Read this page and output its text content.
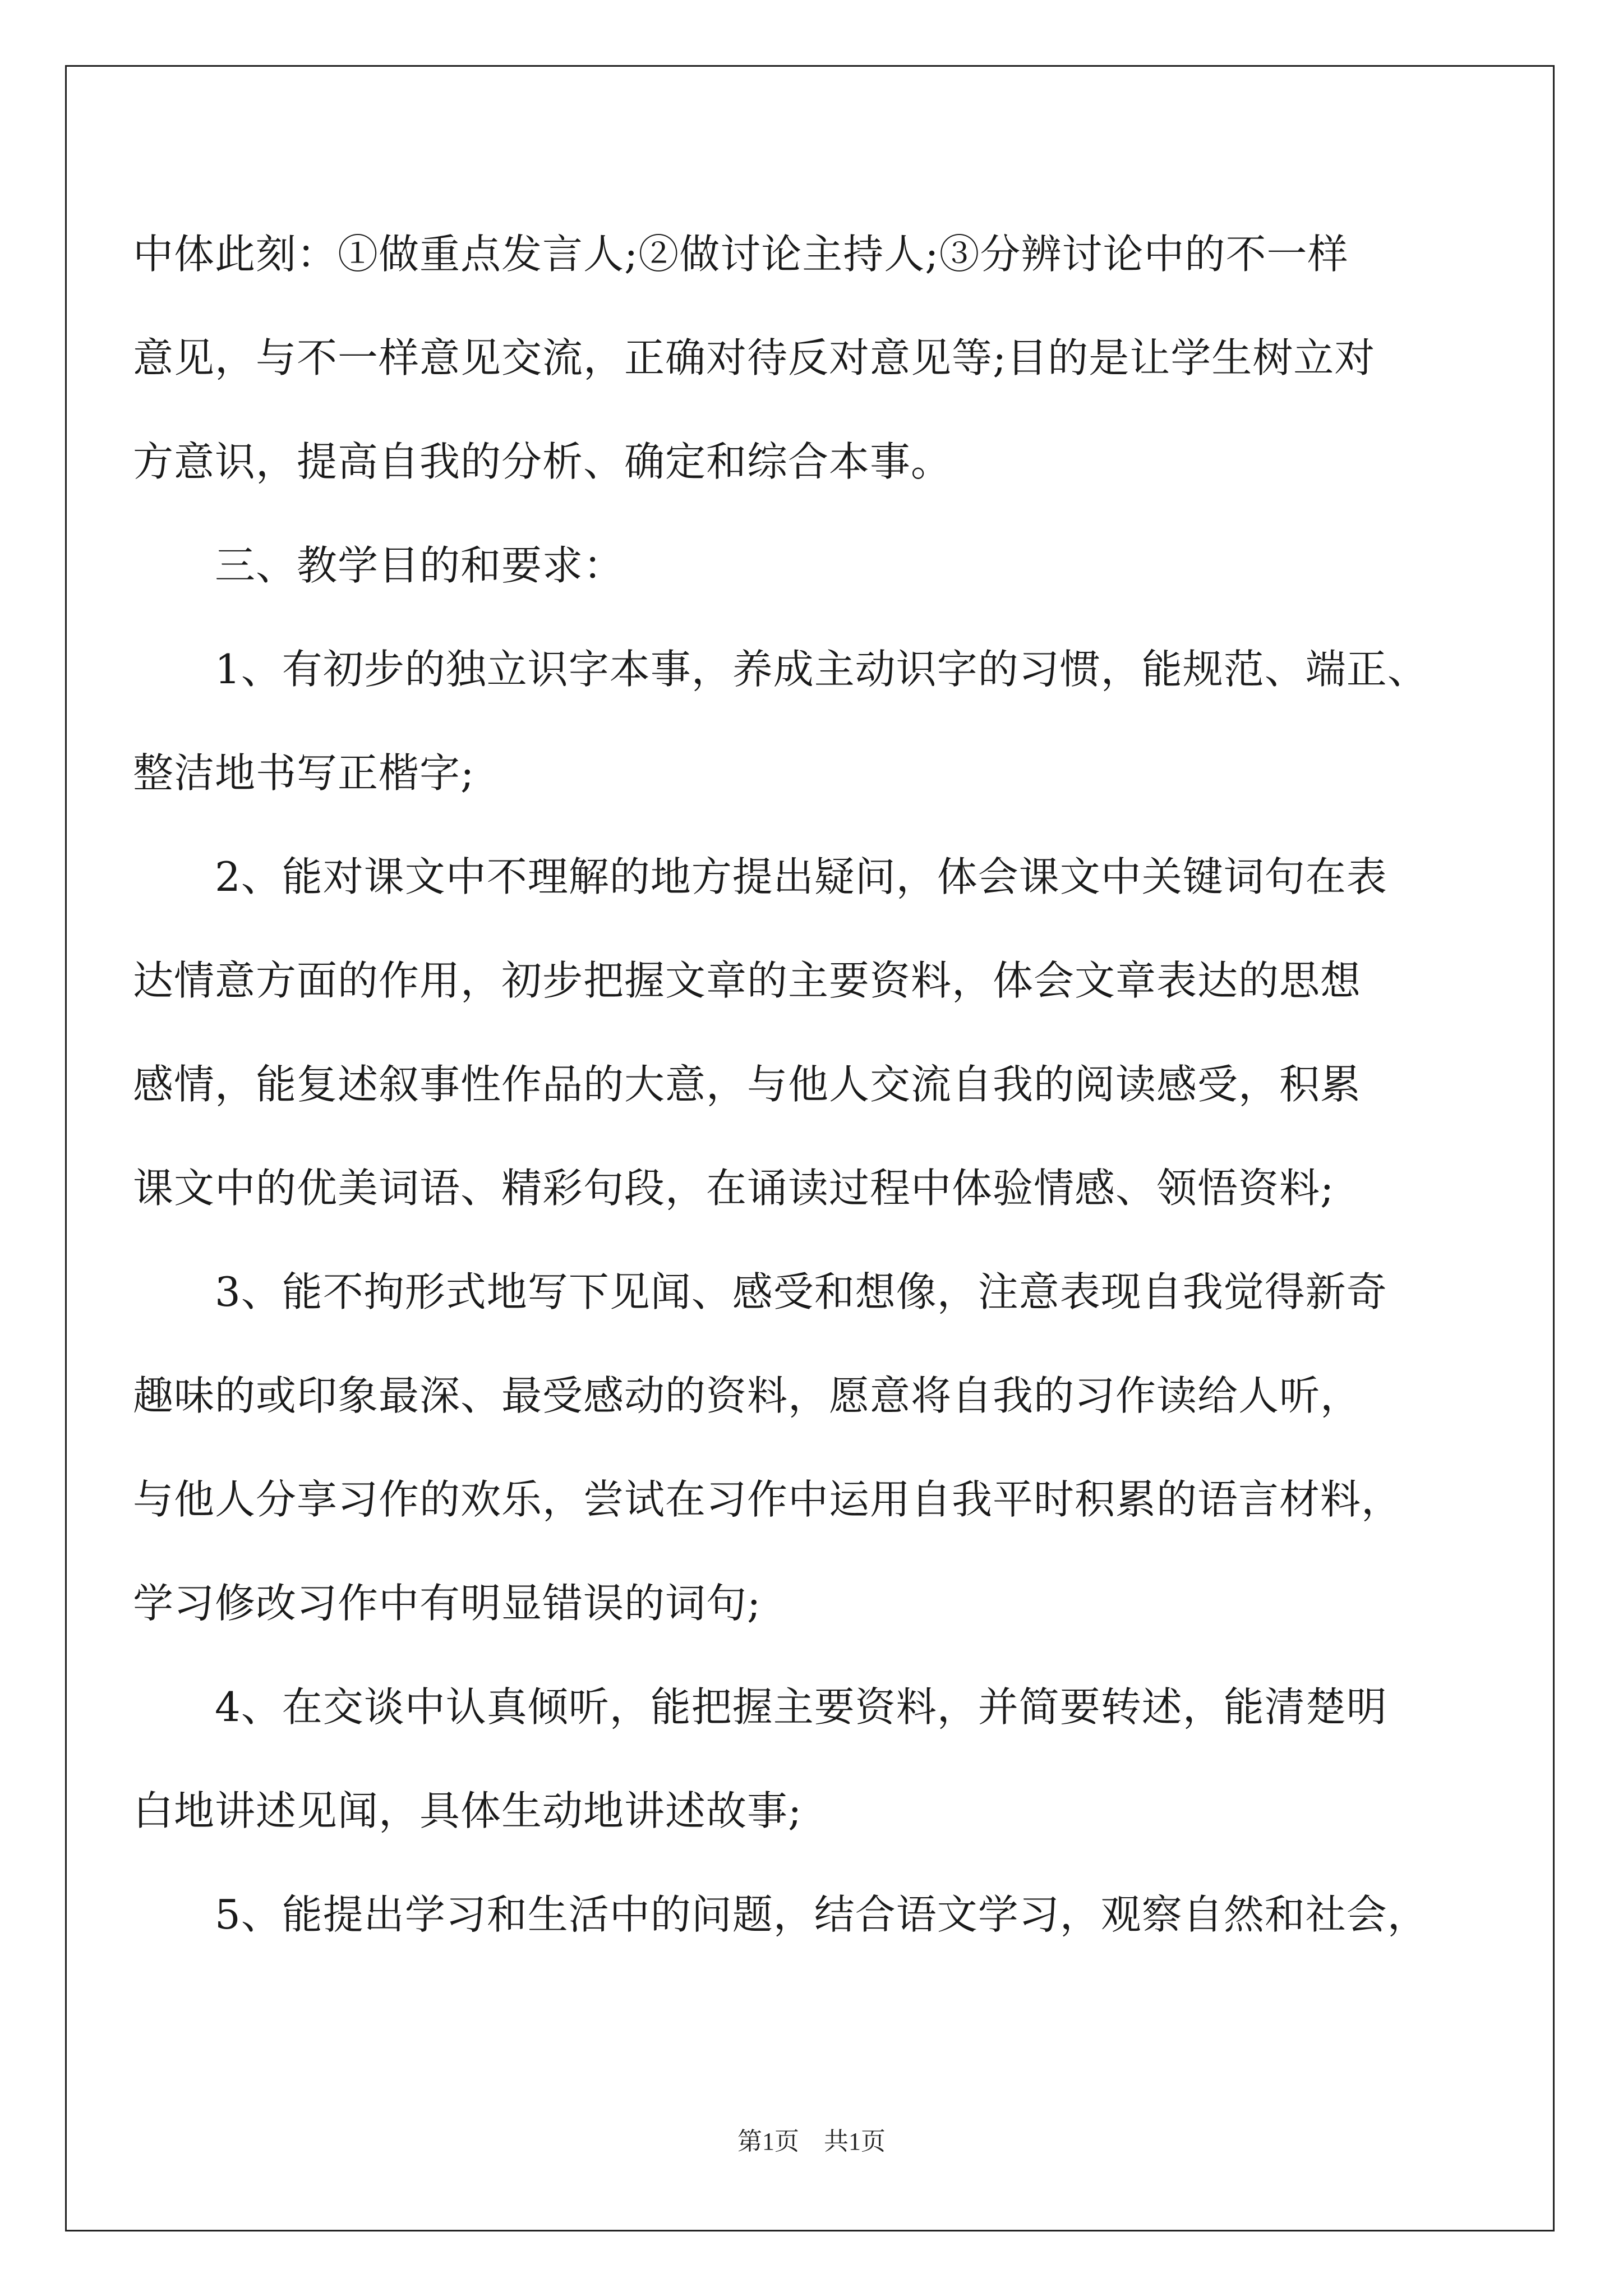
中体此刻：①做重点发言人;②做讨论主持人;③分辨讨论中的不一样
意见，与不一样意见交流，正确对待反对意见等;目的是让学生树立对
方意识，提高自我的分析、确定和综合本事。
　　三、教学目的和要求：
　　1、有初步的独立识字本事，养成主动识字的习惯，能规范、端正、
整洁地书写正楷字;
　　2、能对课文中不理解的地方提出疑问，体会课文中关键词句在表
达情意方面的作用，初步把握文章的主要资料，体会文章表达的思想
感情，能复述叙事性作品的大意，与他人交流自我的阅读感受，积累
课文中的优美词语、精彩句段，在诵读过程中体验情感、领悟资料;
　　3、能不拘形式地写下见闻、感受和想像，注意表现自我觉得新奇
趣味的或印象最深、最受感动的资料，愿意将自我的习作读给人听，
与他人分享习作的欢乐，尝试在习作中运用自我平时积累的语言材料，
学习修改习作中有明显错误的词句;
　　4、在交谈中认真倾听，能把握主要资料，并简要转述，能清楚明
白地讲述见闻，具体生动地讲述故事;
　　5、能提出学习和生活中的问题，结合语文学习，观察自然和社会，
第1页　共1页
